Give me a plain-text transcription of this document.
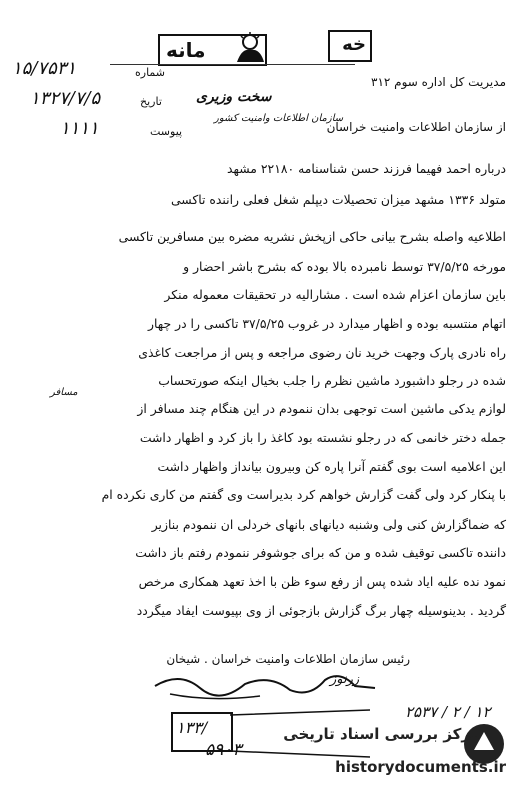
مانه	خه
۱۵/۷۵۳۱	شماره
۱۳۲۷/۷/۵	تاریخ
۱۱۱۱	پیوست
مدیریت کل اداره سوم ۳۱۲
سخت وزیری
سازمان اطلاعات وامنیت کشور
از سازمان اطلاعات وامنیت خراسان
درباره احمد فهیما فرزند حسن شناسنامه ۲۲۱۸۰ مشهد
متولد ۱۳۳۶ مشهد میزان تحصیلات دیپلم شغل فعلی راننده تاکسی
اطلاعیه واصله بشرح بیانی حاکی ازپخش نشریه مضره بین مسافرین تاکسی
مورخه ۳۷/۵/۲۵ توسط نامبرده بالا بوده که بشرح باشر احضار و
باین سازمان اعزام شده است . مشارالیه در تحقیقات معموله منکر
اتهام منتسبه بوده و اظهار میدارد در غروب ۳۷/۵/۲۵ تاکسی را در چهار
راه نادری پارک وجهت خرید نان رضوی مراجعه و پس از مراجعت کاغذی
شده در رجلو داشبورد ماشین نظرم را جلب بخیال اینکه صورتحساب
لوازم یدکی ماشین است توجهی بدان ننمودم در این هنگام چند مسافر از
جمله دختر خانمی که در رجلو نشسته بود کاغذ را باز کرد و اظهار داشت
این اعلامیه است بوی گفتم آنرا پاره کن وبیرون بیانداز واظهار داشت
با پنکار کرد ولی گفت گزارش خواهم کرد بدیراست وی گفتم من کاری نکرده ام
که ضماگزارش کنی ولی وشنبه دیانهای بانهای خردلی ان ننمودم بنازیر
داننده تاکسی توقیف شده و من که برای جوشوفر ننمودم رفتم باز داشت
نمود نده علیه ایاد شده پس از رفع سوء ظن با اخذ تعهد همکاری مرخص
گردید . بدینوسیله چهار برگ گزارش بازجوئی از وی بپیوست ایفاد میگردد
مسافر
رئیس سازمان اطلاعات وامنیت خراسان . شیخان
زرنوز
۲۵۳۷ / ۲ / ۱۲
۱۳۳/
۵۹۰۳
مرکز بررسی اسناد تاریخی
historydocuments.ir
